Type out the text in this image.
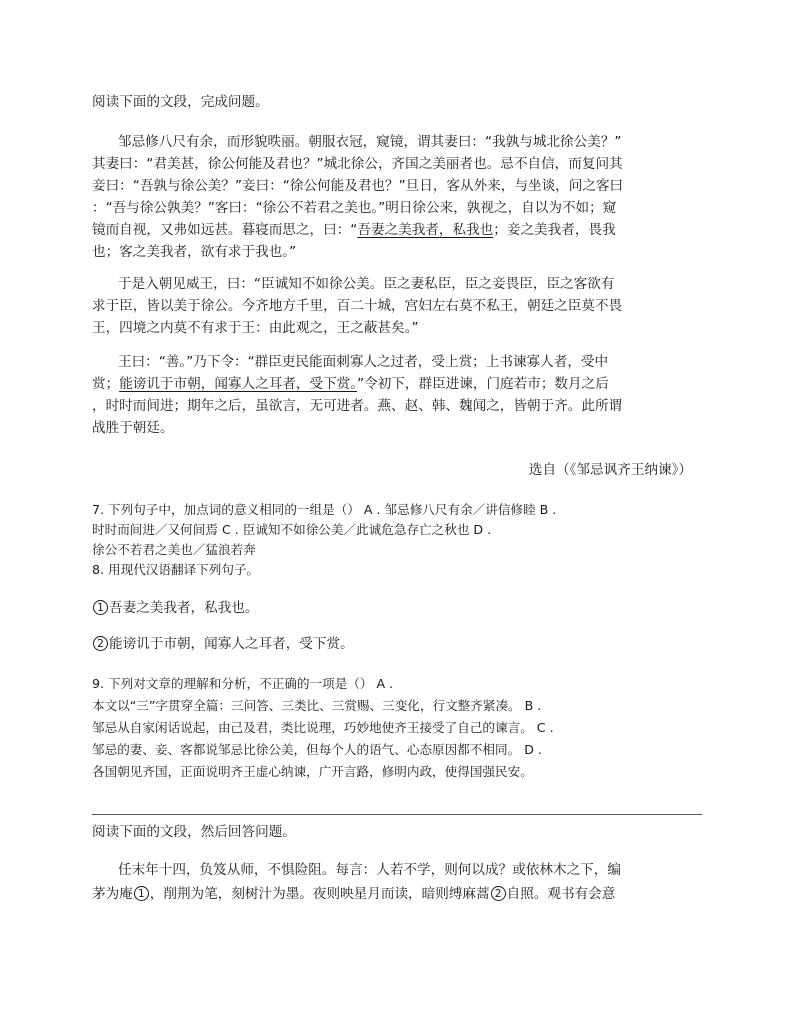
阅读下面的文段，完成问题。
邹忌修八尺有余，而形貌昳丽。朝服衣冠，窥镜，谓其妻曰：“我孰与城北徐公美？”
其妻曰：“君美甚，徐公何能及君也？”城北徐公，齐国之美丽者也。忌不自信，而复问其
妾曰：“吾孰与徐公美？”妾曰：“徐公何能及君也？”旦日，客从外来，与坐谈，问之客曰
：“吾与徐公孰美？”客曰：“徐公不若君之美也。”明日徐公来，孰视之，自以为不如；窥
镜而自视，又弗如远甚。暮寝而思之，曰：“吾妻之美我者，私我也；妾之美我者，畏我
也；客之美我者，欲有求于我也。”
于是入朝见威王，曰：“臣诚知不如徐公美。臣之妻私臣，臣之妾畏臣，臣之客欲有
求于臣，皆以美于徐公。今齐地方千里，百二十城，宫妇左右莫不私王，朝廷之臣莫不畏
王，四境之内莫不有求于王：由此观之，王之蔽甚矣。”
王曰：“善。”乃下令：“群臣吏民能面刺寡人之过者，受上赏；上书谏寡人者，受中
赏；能谤讥于市朝，闻寡人之耳者，受下赏。”令初下，群臣进谏，门庭若市；数月之后
，时时而间进；期年之后，虽欲言，无可进者。燕、赵、韩、魏闻之，皆朝于齐。此所谓
战胜于朝廷。
选自（《邹忌讽齐王纳谏》）
7. 下列句子中，加点词的意义相同的一组是（） A . 邹忌修八尺有余／讲信修睦 B .
时时而间进／又何间焉 C . 臣诚知不如徐公美／此诚危急存亡之秋也 D .
徐公不若君之美也／猛浪若奔
8. 用现代汉语翻译下列句子。
1 吾妻之美我者，私我也。
2 能谤讥于市朝，闻寡人之耳者，受下赏。
9. 下列对文章的理解和分析，不正确的一项是（） A .
本文以“三”字贯穿全篇：三问答、三类比、三赏赐、三变化，行文整齐紧凑。 B .
邹忌从自家闲话说起，由己及君，类比说理，巧妙地使齐王接受了自己的谏言。 C .
邹忌的妻、妾、客都说邹忌比徐公美，但每个人的语气、心态原因都不相同。 D .
各国朝见齐国，正面说明齐王虚心纳谏，广开言路，修明内政，使得国强民安。
阅读下面的文段，然后回答问题。
任末年十四，负笈从师，不惧险阻。每言：人若不学，则何以成？或依林木之下，编
茅为庵 1 ，削荆为笔，刻树汁为墨。夜则映星月而读，暗则缚麻蒿 2 自照。观书有会意
